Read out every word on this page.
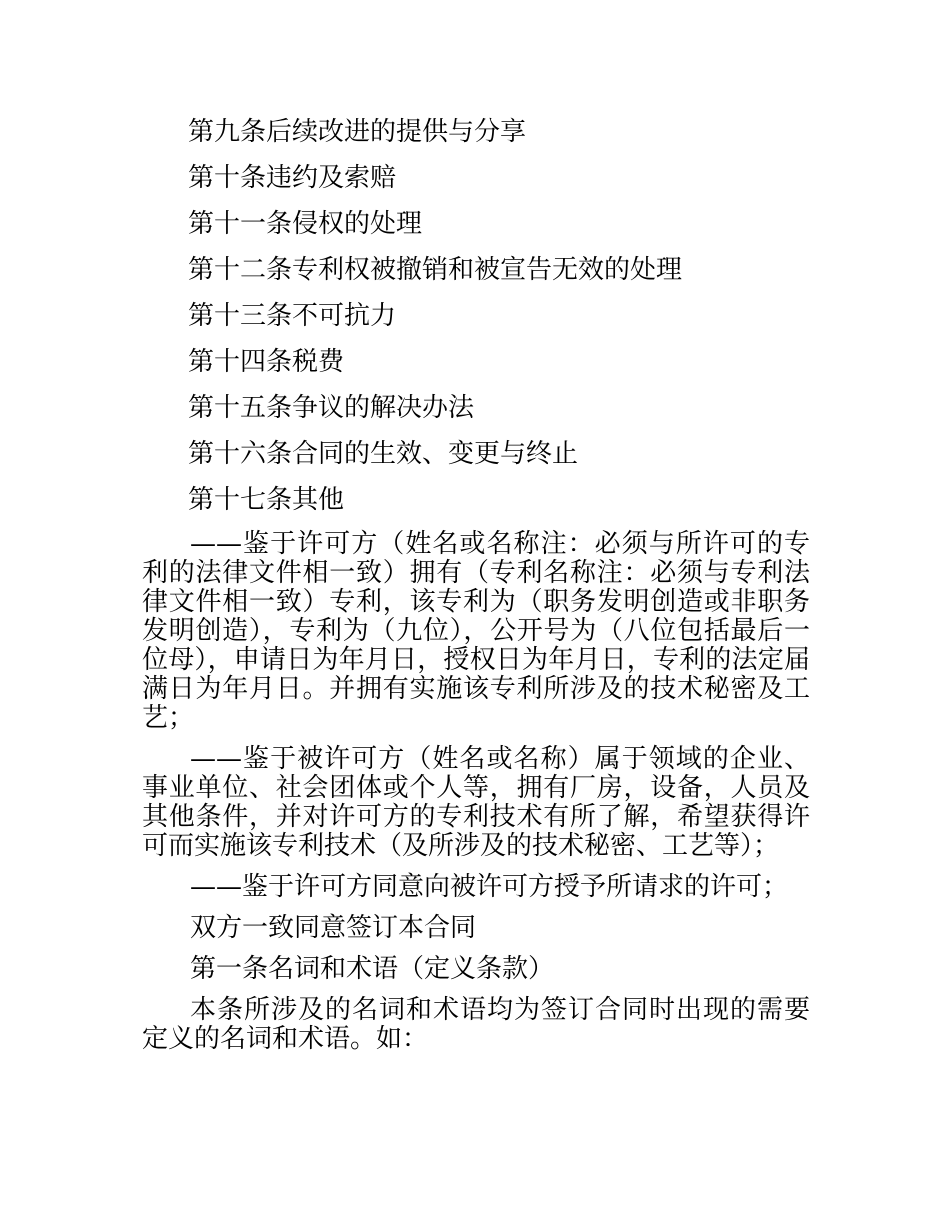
第九条后续改进的提供与分享
第十条违约及索赔
第十一条侵权的处理
第十二条专利权被撤销和被宣告无效的处理
第十三条不可抗力
第十四条税费
第十五条争议的解决办法
第十六条合同的生效、变更与终止
第十七条其他

——鉴于许可方（姓名或名称注：必须与所许可的专利的法律文件相一致）拥有（专利名称注：必须与专利法律文件相一致）专利，该专利为（职务发明创造或非职务发明创造），专利为（九位），公开号为（八位包括最后一位母），申请日为年月日，授权日为年月日，专利的法定届满日为年月日。并拥有实施该专利所涉及的技术秘密及工艺；

——鉴于被许可方（姓名或名称）属于领域的企业、事业单位、社会团体或个人等，拥有厂房，设备，人员及其他条件，并对许可方的专利技术有所了解，希望获得许可而实施该专利技术（及所涉及的技术秘密、工艺等）；

——鉴于许可方同意向被许可方授予所请求的许可；

双方一致同意签订本合同

第一条名词和术语（定义条款）

本条所涉及的名词和术语均为签订合同时出现的需要定义的名词和术语。如：
